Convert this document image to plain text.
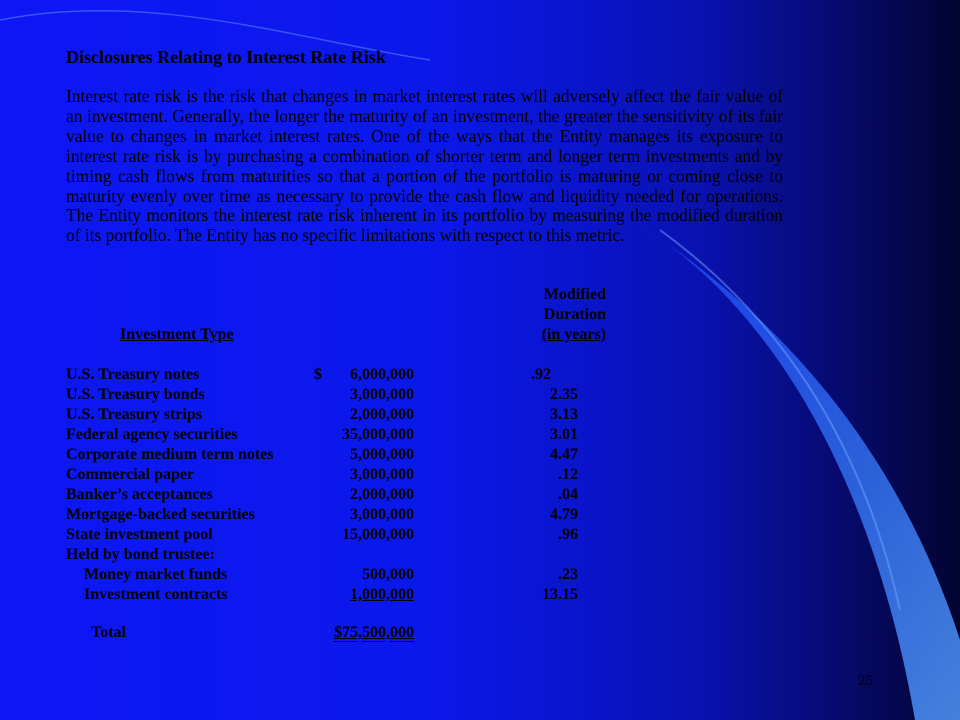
Disclosures Relating to Interest Rate Risk
Interest rate risk is the risk that changes in market interest rates will adversely affect the fair value of an investment. Generally, the longer the maturity of an investment, the greater the sensitivity of its fair value to changes in market interest rates. One of the ways that the Entity manages its exposure to interest rate risk is by purchasing a combination of shorter term and longer term investments and by timing cash flows from maturities so that a portion of the portfolio is maturing or coming close to maturity evenly over time as necessary to provide the cash flow and liquidity needed for operations. The Entity monitors the interest rate risk inherent in its portfolio by measuring the modified duration of its portfolio. The Entity has no specific limitations with respect to this metric.
Modified
Duration
(in years)
Investment Type
U.S. Treasury notes	$ 6,000,000	.92
U.S. Treasury bonds	3,000,000	2.35
U.S. Treasury strips	2,000,000	3.13
Federal agency securities	35,000,000	3.01
Corporate medium term notes	5,000,000	4.47
Commercial paper	3,000,000	.12
Banker’s acceptances	2,000,000	.04
Mortgage-backed securities	3,000,000	4.79
State investment pool	15,000,000	.96
Held by bond trustee:
Money market funds	500,000	.23
Investment contracts	1,000,000	13.15
Total	$75,500,000
25
